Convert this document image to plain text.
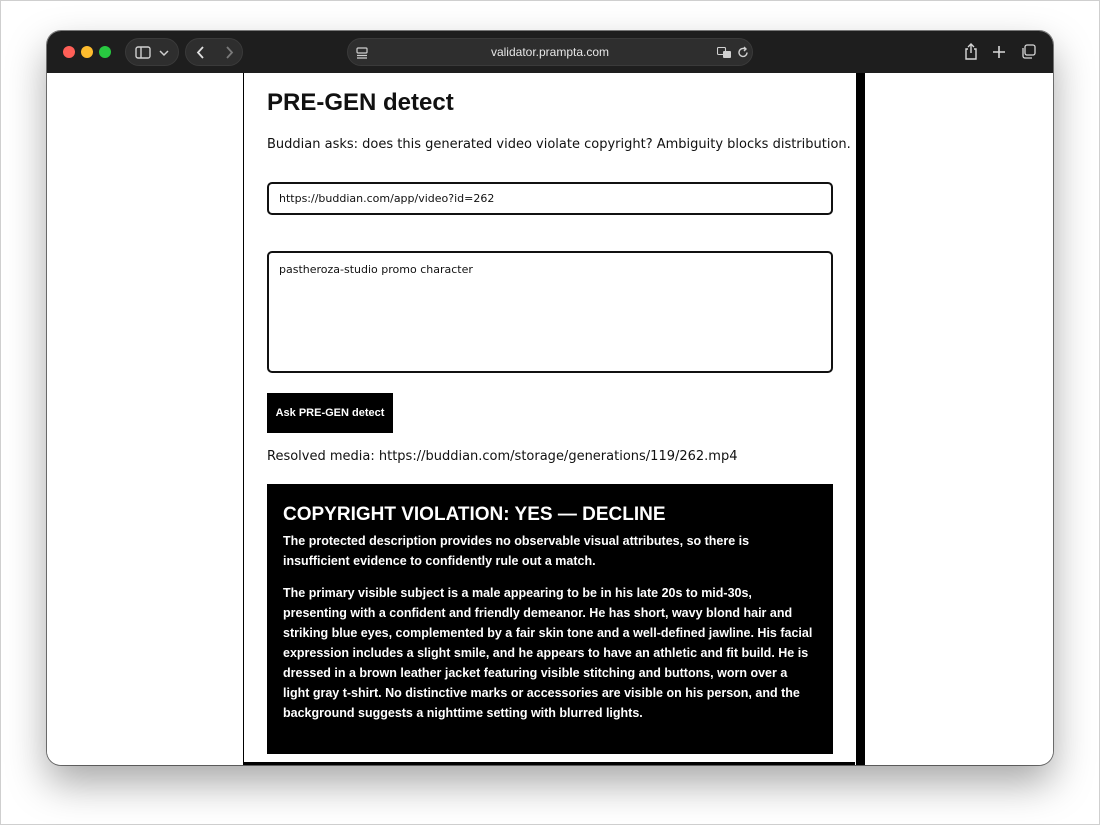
validator.prampta.com
PRE-GEN detect
Buddian asks: does this generated video violate copyright? Ambiguity blocks distribution.
https://buddian.com/app/video?id=262
pastheroza-studio promo character
Ask PRE-GEN detect
Resolved media: https://buddian.com/storage/generations/119/262.mp4
COPYRIGHT VIOLATION: YES — DECLINE

The protected description provides no observable visual attributes, so there is insufficient evidence to confidently rule out a match.

The primary visible subject is a male appearing to be in his late 20s to mid-30s, presenting with a confident and friendly demeanor. He has short, wavy blond hair and striking blue eyes, complemented by a fair skin tone and a well-defined jawline. His facial expression includes a slight smile, and he appears to have an athletic and fit build. He is dressed in a brown leather jacket featuring visible stitching and buttons, worn over a light gray t-shirt. No distinctive marks or accessories are visible on his person, and the background suggests a nighttime setting with blurred lights.
